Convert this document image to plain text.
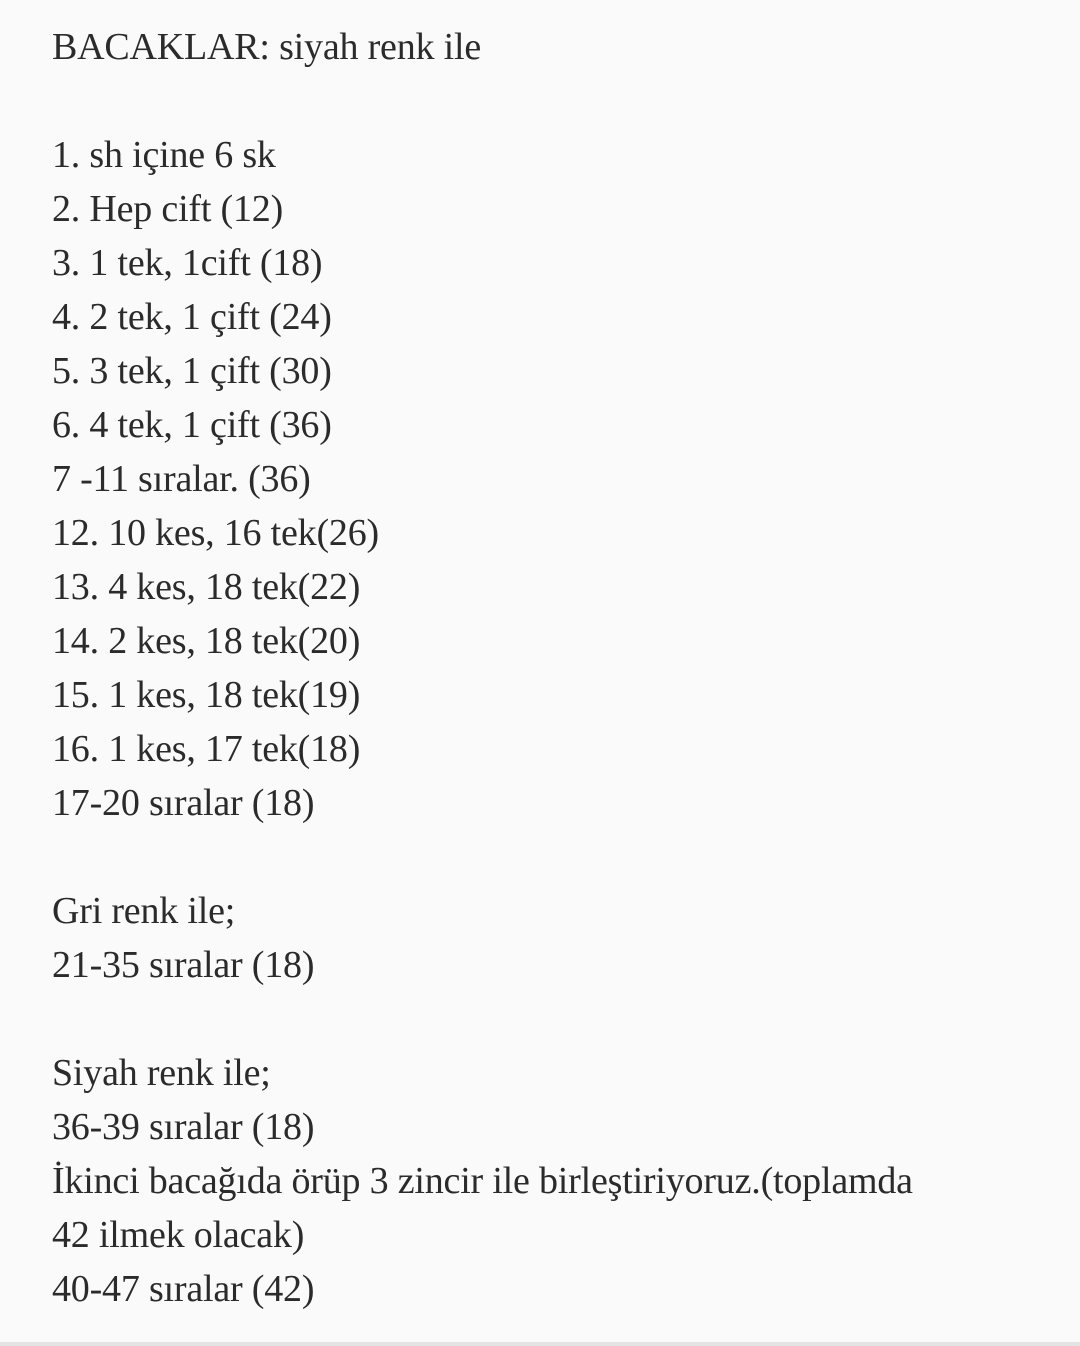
BACAKLAR: siyah renk ile
1. sh içine 6 sk
2. Hep cift (12)
3. 1 tek, 1cift (18)
4. 2 tek, 1 çift (24)
5. 3 tek, 1 çift (30)
6. 4 tek, 1 çift (36)
7 -11 sıralar. (36)
12. 10 kes, 16 tek(26)
13. 4 kes, 18 tek(22)
14. 2 kes, 18 tek(20)
15. 1 kes, 18 tek(19)
16. 1 kes, 17 tek(18)
17-20 sıralar (18)
Gri renk ile;
21-35 sıralar (18)
Siyah renk ile;
36-39 sıralar (18)
İkinci bacağıda örüp 3 zincir ile birleştiriyoruz.(toplamda
42 ilmek olacak)
40-47 sıralar (42)
